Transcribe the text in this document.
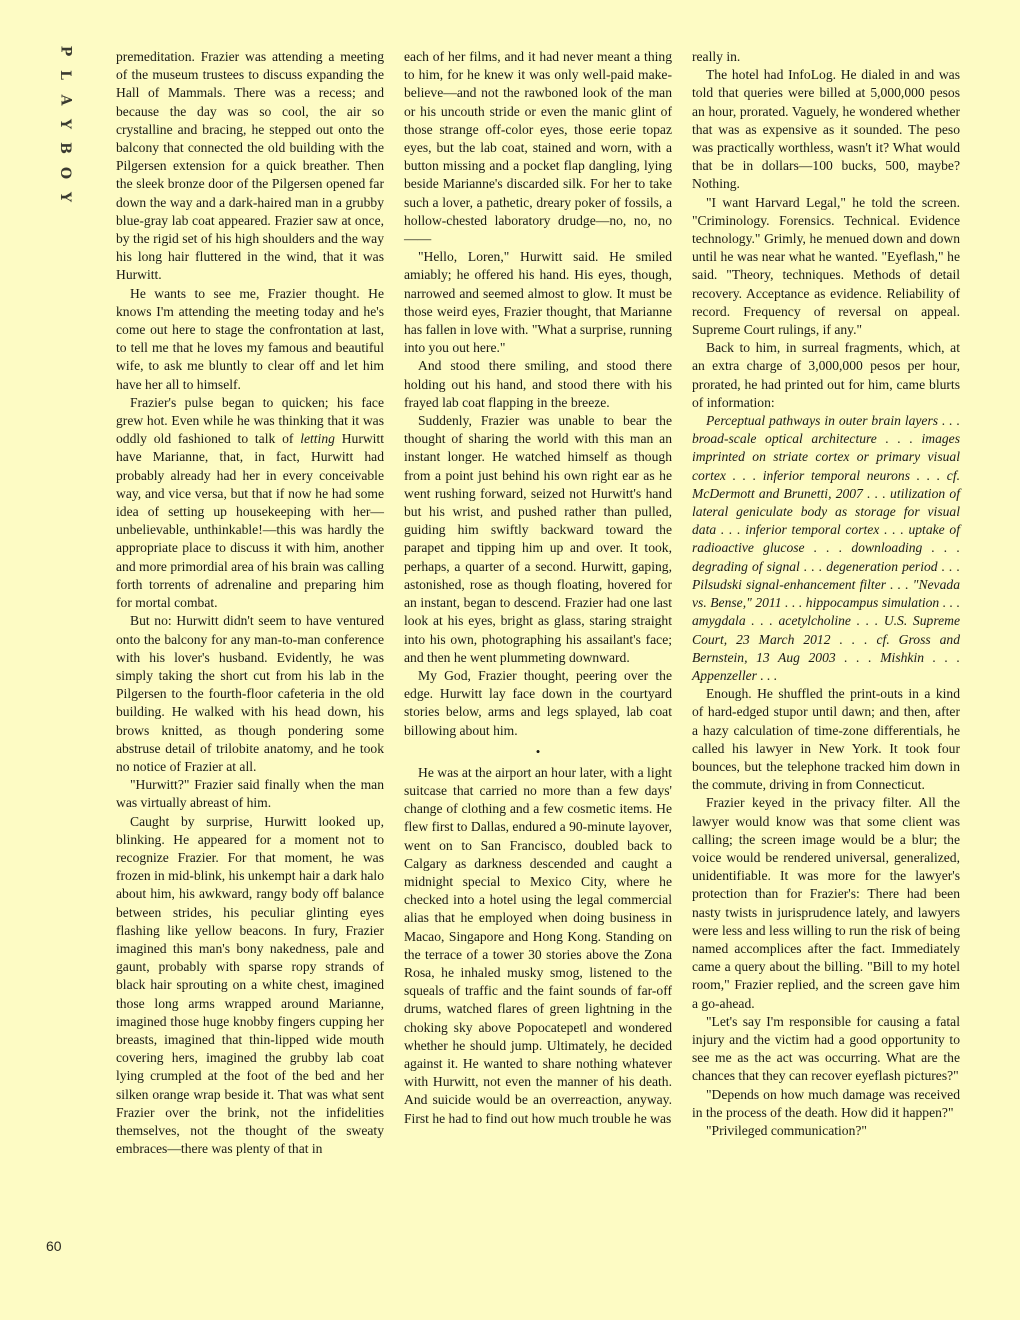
P
L
A
Y
B
O
Y
60

premeditation. Frazier was attending a meeting of the museum trustees to discuss expanding the Hall of Mammals. There was a recess; and because the day was so cool, the air so crystalline and bracing, he stepped out onto the balcony that connected the old building with the Pilgersen extension for a quick breather. Then the sleek bronze door of the Pilgersen opened far down the way and a dark-haired man in a grubby blue-gray lab coat appeared. Frazier saw at once, by the rigid set of his high shoulders and the way his long hair fluttered in the wind, that it was Hurwitt.

He wants to see me, Frazier thought. He knows I'm attending the meeting today and he's come out here to stage the confrontation at last, to tell me that he loves my famous and beautiful wife, to ask me bluntly to clear off and let him have her all to himself.

Frazier's pulse began to quicken; his face grew hot. Even while he was thinking that it was oddly old fashioned to talk of letting Hurwitt have Marianne, that, in fact, Hurwitt had probably already had her in every conceivable way, and vice versa, but that if now he had some idea of setting up housekeeping with her—unbelievable, unthinkable!—this was hardly the appropriate place to discuss it with him, another and more primordial area of his brain was calling forth torrents of adrenaline and preparing him for mortal combat.

But no: Hurwitt didn't seem to have ventured onto the balcony for any man-to-man conference with his lover's husband. Evidently, he was simply taking the short cut from his lab in the Pilgersen to the fourth-floor cafeteria in the old building. He walked with his head down, his brows knitted, as though pondering some abstruse detail of trilobite anatomy, and he took no notice of Frazier at all.

"Hurwitt?" Frazier said finally when the man was virtually abreast of him.

Caught by surprise, Hurwitt looked up, blinking. He appeared for a moment not to recognize Frazier. For that moment, he was frozen in mid-blink, his unkempt hair a dark halo about him, his awkward, rangy body off balance between strides, his peculiar glinting eyes flashing like yellow beacons. In fury, Frazier imagined this man's bony nakedness, pale and gaunt, probably with sparse ropy strands of black hair sprouting on a white chest, imagined those long arms wrapped around Marianne, imagined those huge knobby fingers cupping her breasts, imagined that thin-lipped wide mouth covering hers, imagined the grubby lab coat lying crumpled at the foot of the bed and her silken orange wrap beside it. That was what sent Frazier over the brink, not the infidelities themselves, not the thought of the sweaty embraces—there was plenty of that in

each of her films, and it had never meant a thing to him, for he knew it was only well-paid make-believe—and not the rawboned look of the man or his uncouth stride or even the manic glint of those strange off-color eyes, those eerie topaz eyes, but the lab coat, stained and worn, with a button missing and a pocket flap dangling, lying beside Marianne's discarded silk. For her to take such a lover, a pathetic, dreary poker of fossils, a hollow-chested laboratory drudge—no, no, no——

"Hello, Loren," Hurwitt said. He smiled amiably; he offered his hand. His eyes, though, narrowed and seemed almost to glow. It must be those weird eyes, Frazier thought, that Marianne has fallen in love with. "What a surprise, running into you out here."

And stood there smiling, and stood there holding out his hand, and stood there with his frayed lab coat flapping in the breeze.

Suddenly, Frazier was unable to bear the thought of sharing the world with this man an instant longer. He watched himself as though from a point just behind his own right ear as he went rushing forward, seized not Hurwitt's hand but his wrist, and pushed rather than pulled, guiding him swiftly backward toward the parapet and tipping him up and over. It took, perhaps, a quarter of a second. Hurwitt, gaping, astonished, rose as though floating, hovered for an instant, began to descend. Frazier had one last look at his eyes, bright as glass, staring straight into his own, photographing his assailant's face; and then he went plummeting downward.

My God, Frazier thought, peering over the edge. Hurwitt lay face down in the courtyard stories below, arms and legs splayed, lab coat billowing about him.

•

He was at the airport an hour later, with a light suitcase that carried no more than a few days' change of clothing and a few cosmetic items. He flew first to Dallas, endured a 90-minute layover, went on to San Francisco, doubled back to Calgary as darkness descended and caught a midnight special to Mexico City, where he checked into a hotel using the legal commercial alias that he employed when doing business in Macao, Singapore and Hong Kong. Standing on the terrace of a tower 30 stories above the Zona Rosa, he inhaled musky smog, listened to the squeals of traffic and the faint sounds of far-off drums, watched flares of green lightning in the choking sky above Popocatepetl and wondered whether he should jump. Ultimately, he decided against it. He wanted to share nothing whatever with Hurwitt, not even the manner of his death. And suicide would be an overreaction, anyway. First he had to find out how much trouble he was

really in.

The hotel had InfoLog. He dialed in and was told that queries were billed at 5,000,000 pesos an hour, prorated. Vaguely, he wondered whether that was as expensive as it sounded. The peso was practically worthless, wasn't it? What would that be in dollars—100 bucks, 500, maybe? Nothing.

"I want Harvard Legal," he told the screen. "Criminology. Forensics. Technical. Evidence technology." Grimly, he menued down and down until he was near what he wanted. "Eyeflash," he said. "Theory, techniques. Methods of detail recovery. Acceptance as evidence. Reliability of record. Frequency of reversal on appeal. Supreme Court rulings, if any."

Back to him, in surreal fragments, which, at an extra charge of 3,000,000 pesos per hour, prorated, he had printed out for him, came blurts of information:

Perceptual pathways in outer brain layers . . . broad-scale optical architecture . . . images imprinted on striate cortex or primary visual cortex . . . inferior temporal neurons . . . cf. McDermott and Brunetti, 2007 . . . utilization of lateral geniculate body as storage for visual data . . . inferior temporal cortex . . . uptake of radioactive glucose . . . downloading . . . degrading of signal . . . degeneration period . . . Pilsudski signal-enhancement filter . . . "Nevada vs. Bense," 2011 . . . hippocampus simulation . . . amygdala . . . acetylcholine . . . U.S. Supreme Court, 23 March 2012 . . . cf. Gross and Bernstein, 13 Aug 2003 . . . Mishkin . . . Appenzeller . . .

Enough. He shuffled the print-outs in a kind of hard-edged stupor until dawn; and then, after a hazy calculation of time-zone differentials, he called his lawyer in New York. It took four bounces, but the telephone tracked him down in the commute, driving in from Connecticut.

Frazier keyed in the privacy filter. All the lawyer would know was that some client was calling; the screen image would be a blur; the voice would be rendered universal, generalized, unidentifiable. It was more for the lawyer's protection than for Frazier's: There had been nasty twists in jurisprudence lately, and lawyers were less and less willing to run the risk of being named accomplices after the fact. Immediately came a query about the billing. "Bill to my hotel room," Frazier replied, and the screen gave him a go-ahead.

"Let's say I'm responsible for causing a fatal injury and the victim had a good opportunity to see me as the act was occurring. What are the chances that they can recover eyeflash pictures?"

"Depends on how much damage was received in the process of the death. How did it happen?"

"Privileged communication?"
